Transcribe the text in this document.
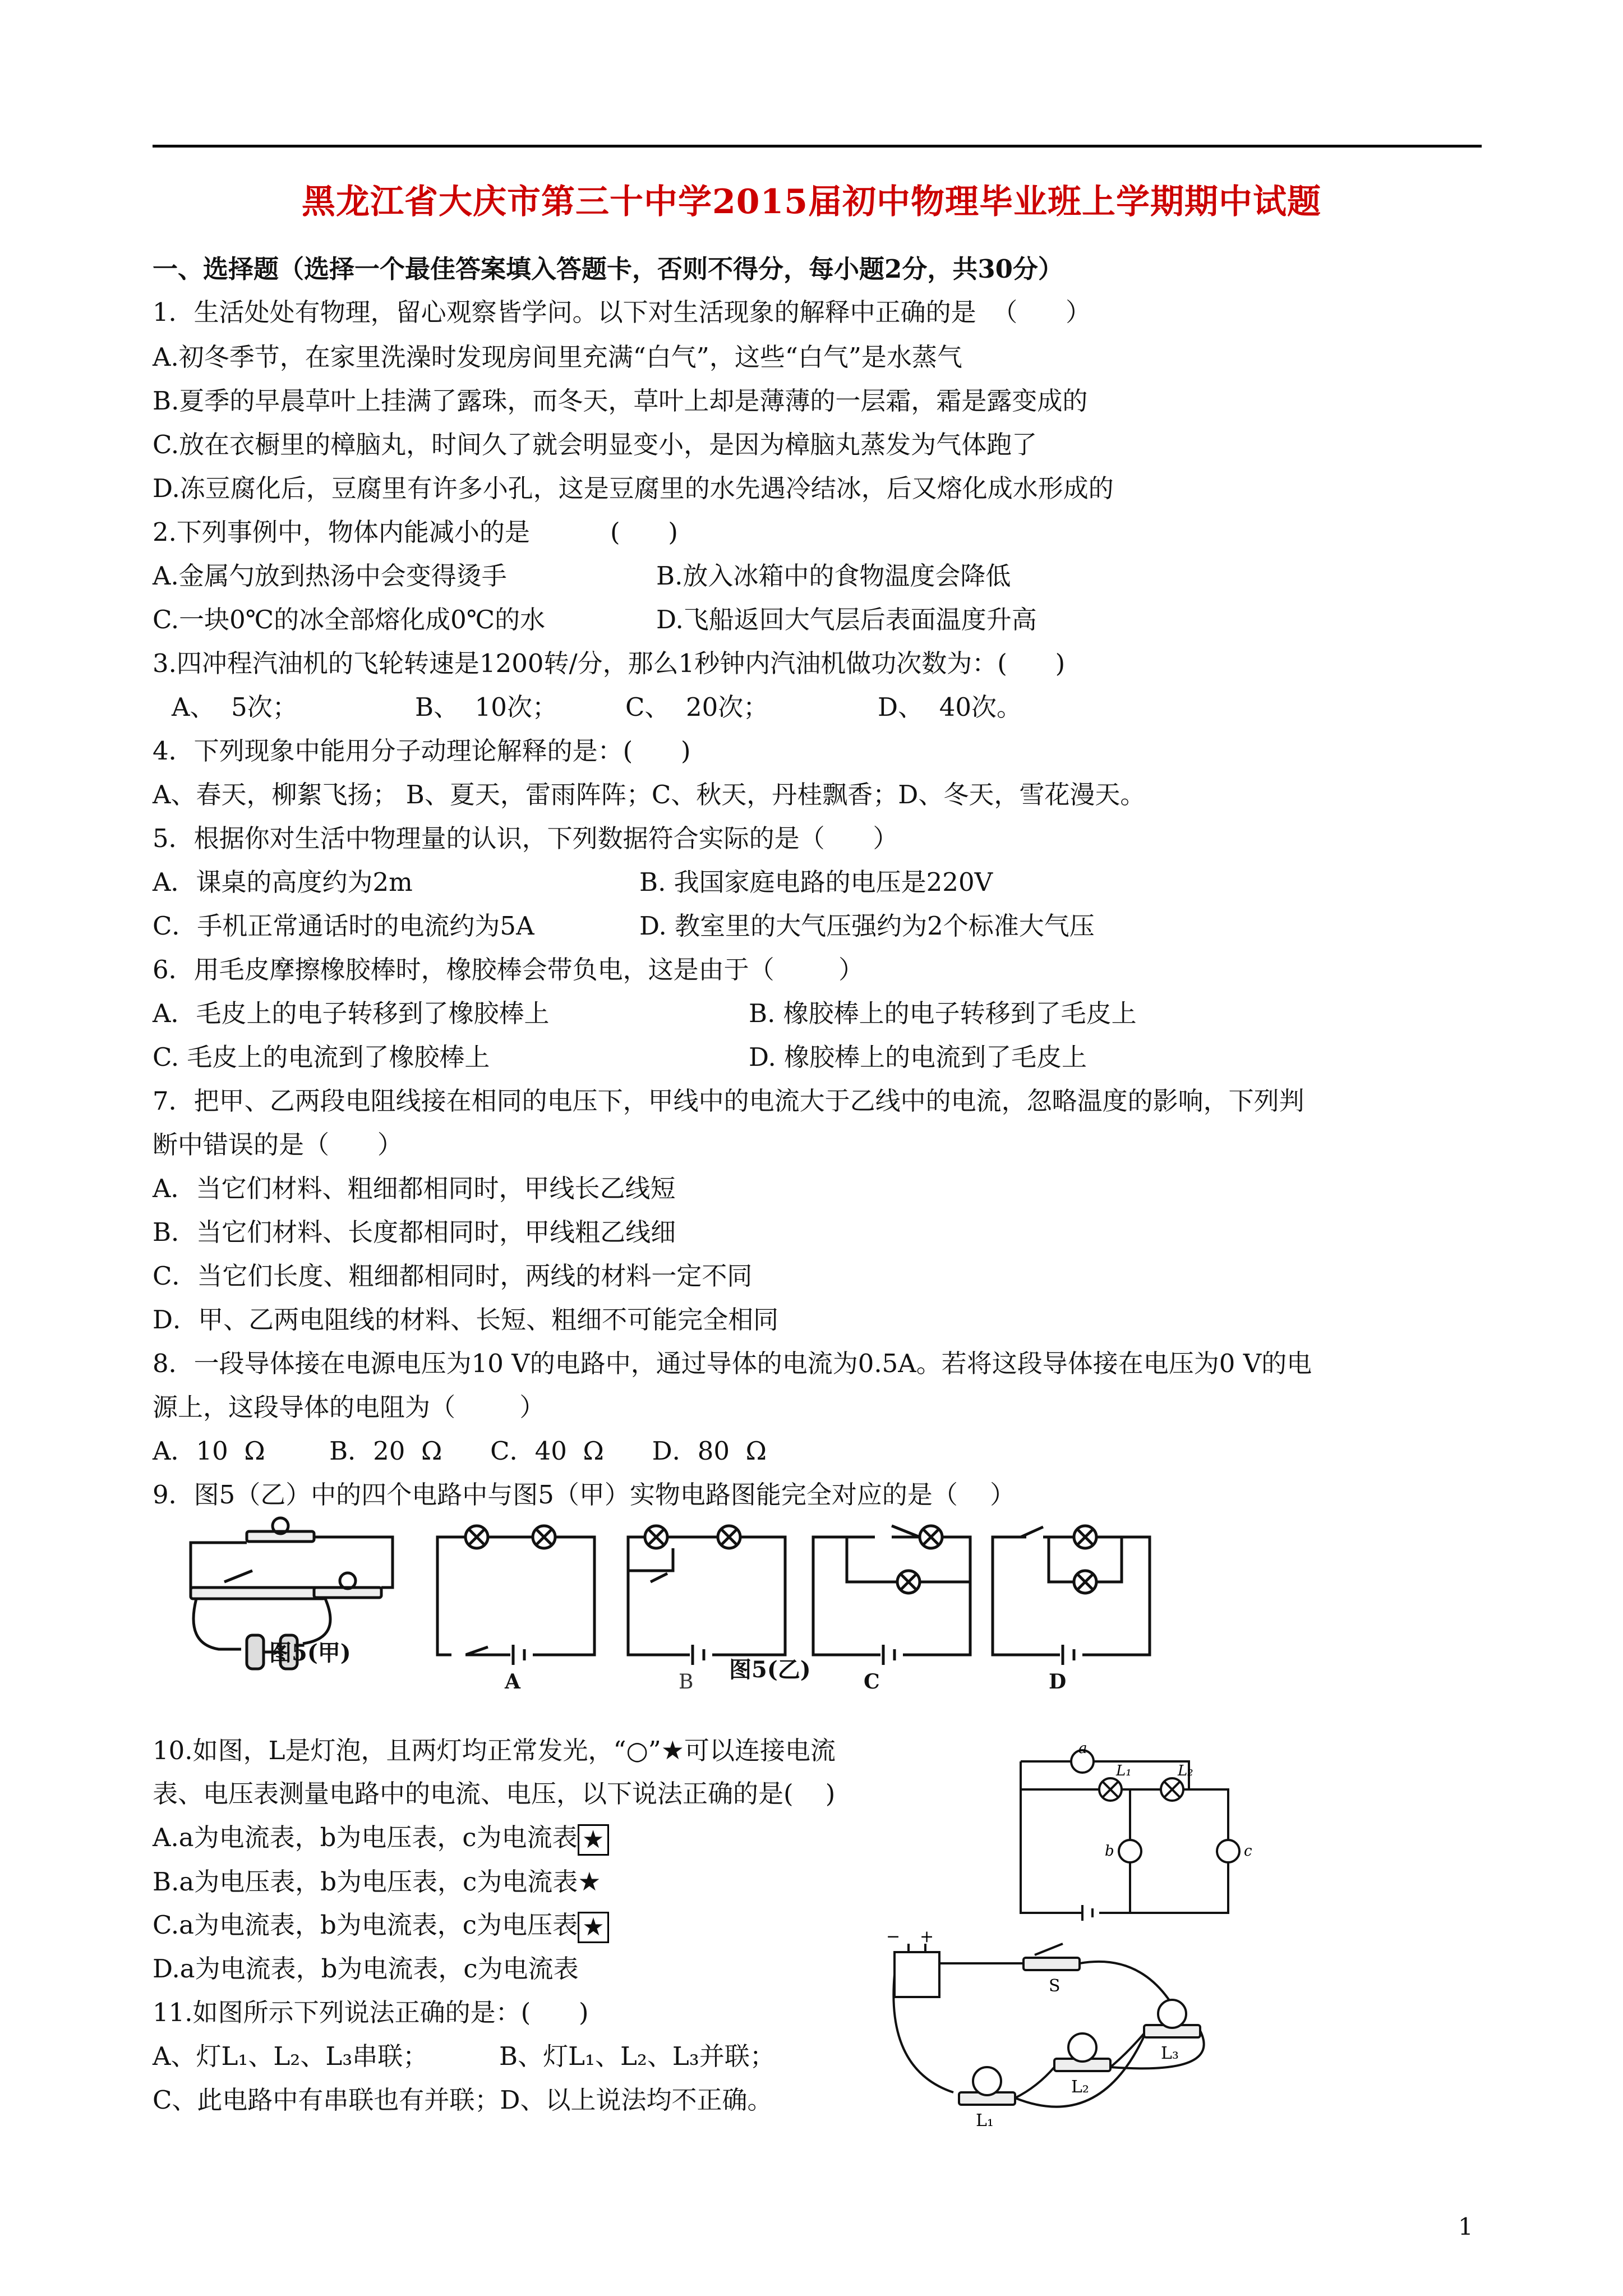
黑龙江省大庆市第三十中学2015届初中物理毕业班上学期期中试题
一、选择题（选择一个最佳答案填入答题卡，否则不得分，每小题2分，共30分）
1．生活处处有物理，留心观察皆学问。以下对生活现象的解释中正确的是  （      ）
A.初冬季节，在家里洗澡时发现房间里充满“白气”，这些“白气”是水蒸气
B.夏季的早晨草叶上挂满了露珠，而冬天，草叶上却是薄薄的一层霜，霜是露变成的
C.放在衣橱里的樟脑丸，时间久了就会明显变小，是因为樟脑丸蒸发为气体跑了
D.冻豆腐化后，豆腐里有许多小孔，这是豆腐里的水先遇冷结冰，后又熔化成水形成的
2.下列事例中，物体内能减小的是          (      )
A.金属勺放到热汤中会变得烫手	B.放入冰箱中的食物温度会降低
C.一块0℃的冰全部熔化成0℃的水	D.飞船返回大气层后表面温度升高
3.四冲程汽油机的飞轮转速是1200转/分，那么1秒钟内汽油机做功次数为：(      )
A、  5次；	B、  10次；	C、  20次；	D、  40次。
4．下列现象中能用分子动理论解释的是：(      )
A、春天，柳絮飞扬； B、夏天，雷雨阵阵；C、秋天，丹桂飘香；D、冬天，雪花漫天。
5．根据你对生活中物理量的认识，下列数据符合实际的是（      ）
A．课桌的高度约为2m	B. 我国家庭电路的电压是220V
C．手机正常通话时的电流约为5A	D. 教室里的大气压强约为2个标准大气压
6．用毛皮摩擦橡胶棒时，橡胶棒会带负电，这是由于（        ）
A．毛皮上的电子转移到了橡胶棒上	B. 橡胶棒上的电子转移到了毛皮上
C. 毛皮上的电流到了橡胶棒上	D. 橡胶棒上的电流到了毛皮上
7．把甲、乙两段电阻线接在相同的电压下，甲线中的电流大于乙线中的电流，忽略温度的影响，下列判
断中错误的是（      ）
A．当它们材料、粗细都相同时，甲线长乙线短
B．当它们材料、长度都相同时，甲线粗乙线细
C．当它们长度、粗细都相同时，两线的材料一定不同
D．甲、乙两电阻线的材料、长短、粗细不可能完全相同
8．一段导体接在电源电压为10 V的电路中，通过导体的电流为0.5A。若将这段导体接在电压为0 V的电
源上，这段导体的电阻为（        ）
A．10  Ω        B．20  Ω      C．40  Ω      D．80  Ω
9．图5（乙）中的四个电路中与图5（甲）实物电路图能完全对应的是（    ）
图5(甲)
A	B 图5(乙)	C	D
10.如图，L是灯泡，且两灯均正常发光，“○”★可以连接电流
表、电压表测量电路中的电流、电压，以下说法正确的是(    )
A.a为电流表，b为电压表，c为电流表 ★
B.a为电压表，b为电压表，c为电流表★
C.a为电流表，b为电流表，c为电压表 ★
D.a为电流表，b为电流表，c为电流表
a
L₁	L₂
b	c
11.如图所示下列说法正确的是：(      )
A、灯L₁、L₂、L₃串联；	B、灯L₁、L₂、L₃并联；
C、此电路中有串联也有并联；D、以上说法均不正确。
− +
S
L₁
L₂
L₃
1
